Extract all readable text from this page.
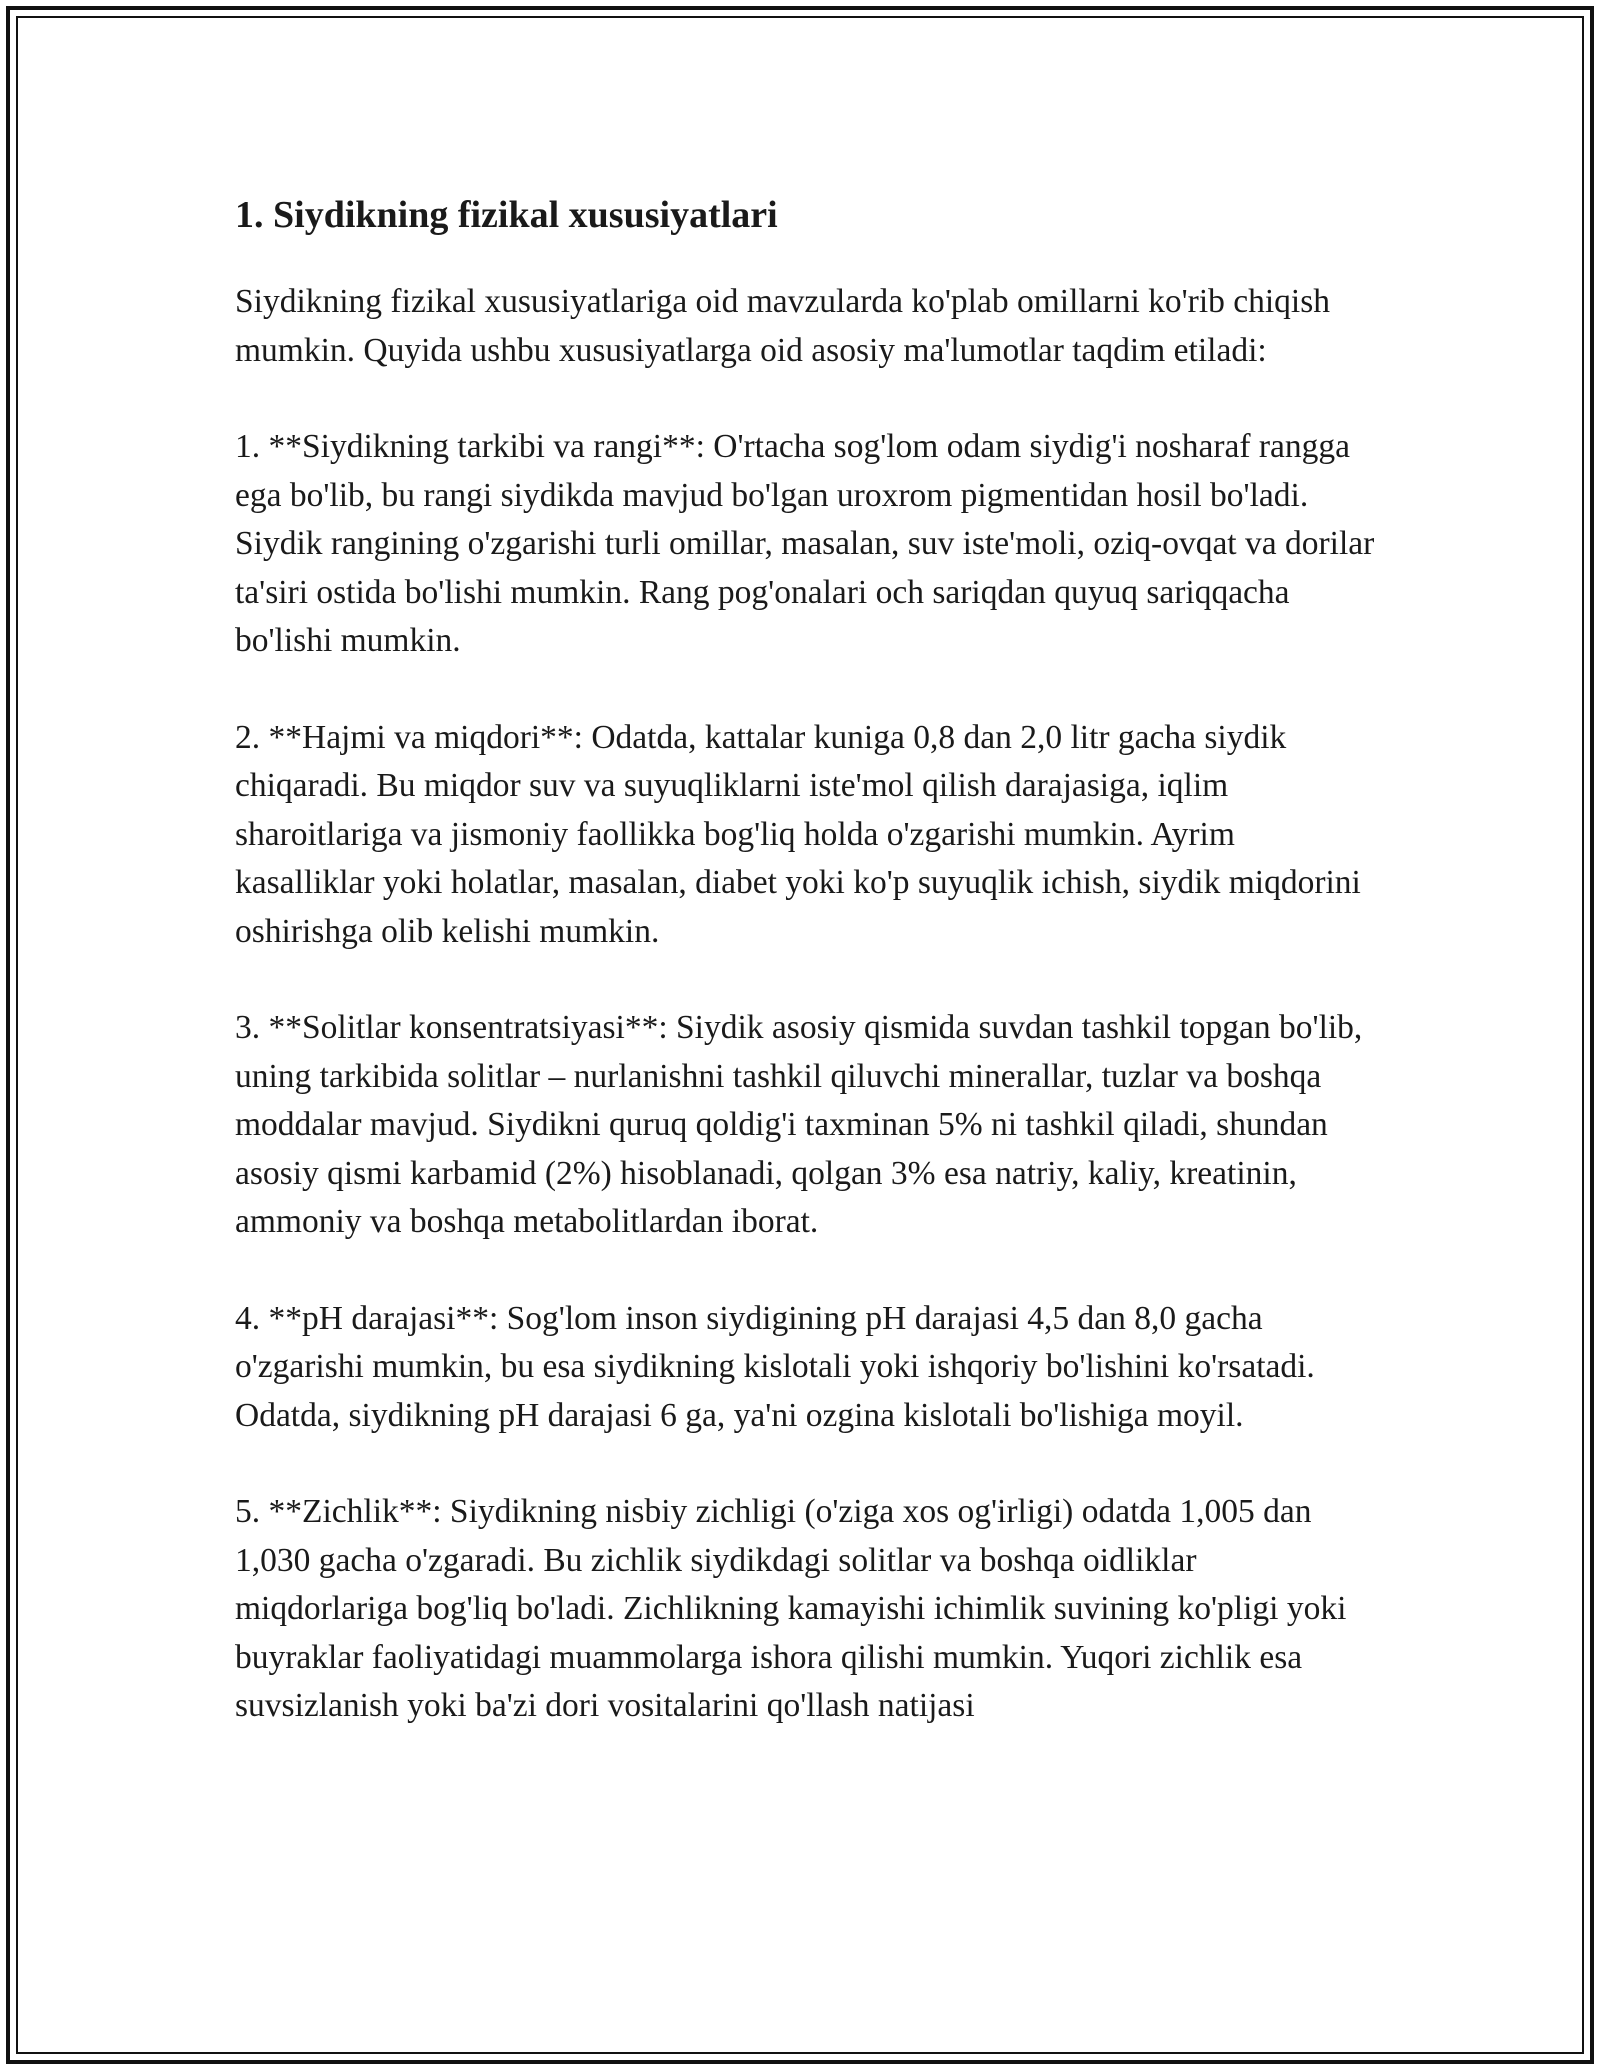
1. Siydikning fizikal xususiyatlari

Siydikning fizikal xususiyatlariga oid mavzularda ko'plab omillarni ko'rib chiqish mumkin. Quyida ushbu xususiyatlarga oid asosiy ma'lumotlar taqdim etiladi:

1. **Siydikning tarkibi va rangi**: O'rtacha sog'lom odam siydig'i nosharaf rangga ega bo'lib, bu rangi siydikda mavjud bo'lgan uroxrom pigmentidan hosil bo'ladi. Siydik rangining o'zgarishi turli omillar, masalan, suv iste'moli, oziq-ovqat va dorilar ta'siri ostida bo'lishi mumkin. Rang pog'onalari och sariqdan quyuq sariqqacha bo'lishi mumkin.

2. **Hajmi va miqdori**: Odatda, kattalar kuniga 0,8 dan 2,0 litr gacha siydik chiqaradi. Bu miqdor suv va suyuqliklarni iste'mol qilish darajasiga, iqlim sharoitlariga va jismoniy faollikka bog'liq holda o'zgarishi mumkin. Ayrim kasalliklar yoki holatlar, masalan, diabet yoki ko'p suyuqlik ichish, siydik miqdorini oshirishga olib kelishi mumkin.

3. **Solitlar konsentratsiyasi**: Siydik asosiy qismida suvdan tashkil topgan bo'lib, uning tarkibida solitlar – nurlanishni tashkil qiluvchi minerallar, tuzlar va boshqa moddalar mavjud. Siydikni quruq qoldig'i taxminan 5% ni tashkil qiladi, shundan asosiy qismi karbamid (2%) hisoblanadi, qolgan 3% esa natriy, kaliy, kreatinin, ammoniy va boshqa metabolitlardan iborat.

4. **pH darajasi**: Sog'lom inson siydigining pH darajasi 4,5 dan 8,0 gacha o'zgarishi mumkin, bu esa siydikning kislotali yoki ishqoriy bo'lishini ko'rsatadi. Odatda, siydikning pH darajasi 6 ga, ya'ni ozgina kislotali bo'lishiga moyil.

5. **Zichlik**: Siydikning nisbiy zichligi (o'ziga xos og'irligi) odatda 1,005 dan 1,030 gacha o'zgaradi. Bu zichlik siydikdagi solitlar va boshqa oidliklar miqdorlariga bog'liq bo'ladi. Zichlikning kamayishi ichimlik suvining ko'pligi yoki buyraklar faoliyatidagi muammolarga ishora qilishi mumkin. Yuqori zichlik esa suvsizlanish yoki ba'zi dori vositalarini qo'llash natijasi
